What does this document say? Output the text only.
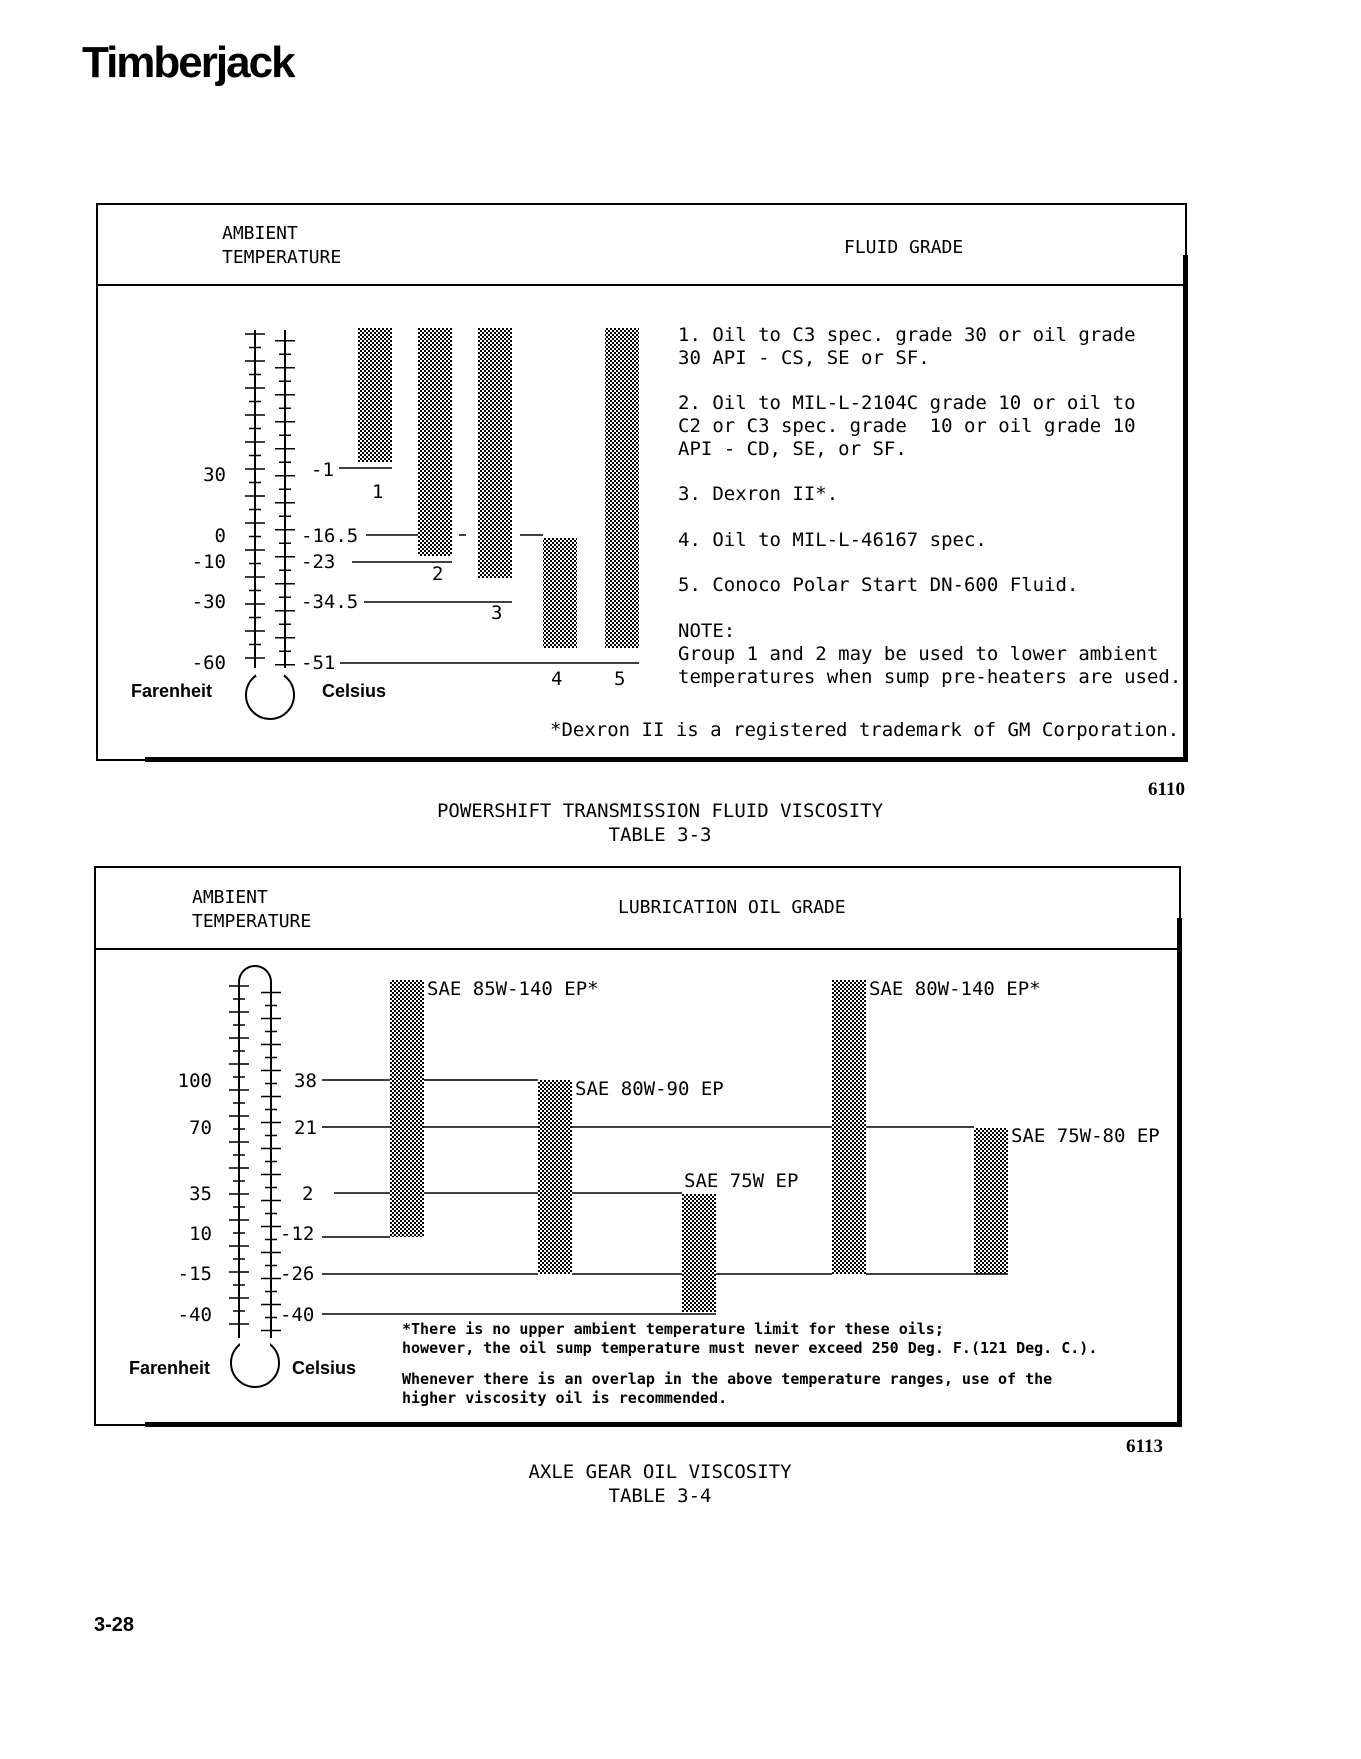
Timberjack
AMBIENT
TEMPERATURE	FLUID GRADE
30
0
-10
-30
-60
-1
-16.5
-23
-34.5
-51
1
2
3
4	5
Farenheit	Celsius
1. Oil to C3 spec. grade 30 or oil grade
30 API - CS, SE or SF.
2. Oil to MIL-L-2104C grade 10 or oil to
C2 or C3 spec. grade  10 or oil grade 10
API - CD, SE, or SF.
3. Dexron II*.
4. Oil to MIL-L-46167 spec.
5. Conoco Polar Start DN-600 Fluid.
NOTE:
Group 1 and 2 may be used to lower ambient
temperatures when sump pre-heaters are used.
*Dexron II is a registered trademark of GM Corporation.
6110
POWERSHIFT TRANSMISSION FLUID VISCOSITY
TABLE 3-3
AMBIENT
TEMPERATURE
LUBRICATION OIL GRADE
100
70
35
10
-15
-40
38
21
2
-12
-26
-40
SAE 85W-140 EP*
SAE 80W-90 EP
SAE 75W EP
SAE 80W-140 EP*
SAE 75W-80 EP
Farenheit	Celsius
*There is no upper ambient temperature limit for these oils;
however, the oil sump temperature must never exceed 250 Deg. F.(121 Deg. C.).
Whenever there is an overlap in the above temperature ranges, use of the
higher viscosity oil is recommended.
6113
AXLE GEAR OIL VISCOSITY
TABLE 3-4
3-28
